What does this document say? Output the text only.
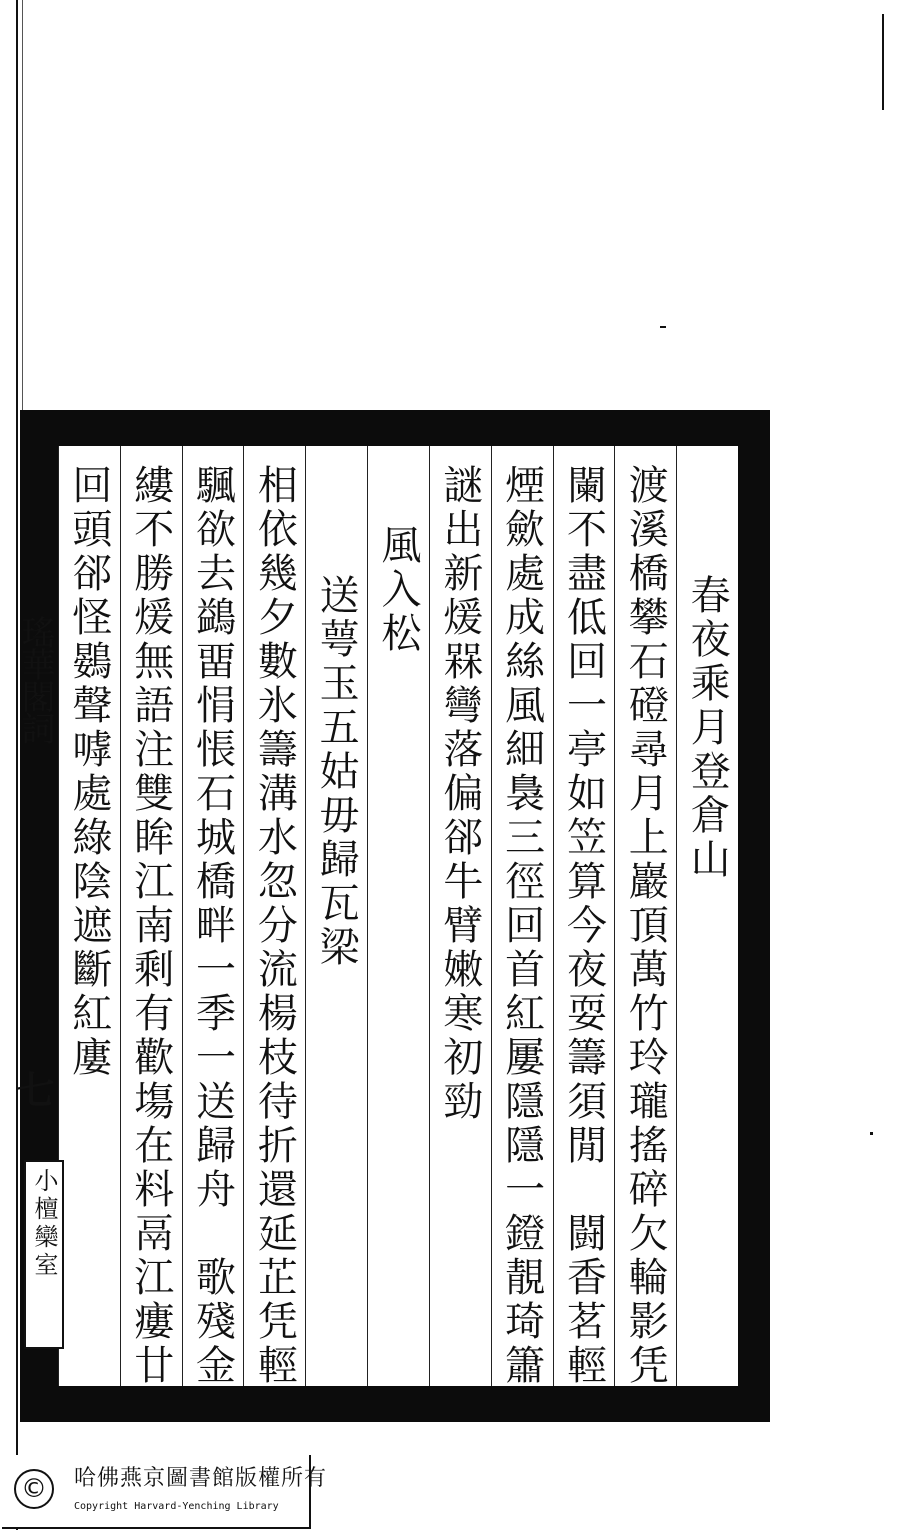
春夜乘月登倉山
渡溪橋攀石磴尋月上巖頂萬竹玲瓏搖碎欠輪影凭
闌不盡低回一亭如笠算今夜耍籌須閒　闘香茗輕
煙歛處成絲風細裊三徑回首紅屢隱隱一鐙靚琦簫
謎出新煖槑彎落偏郤牛臂嫩寒初勁
風入松
送萼玉五姑毋歸瓦梁
相依幾夕數氷籌溝水忽分流楊枝待折還延芷凭輕
颿欲去鷁畱悁悵石城橋畔一季一送歸舟　歌殘金
縷不勝煖無語注雙眸江南剩有歡塲在料鬲江瘻廿
回頭郤怪鷃聲嘑處綠陰遮斷紅廔
瑤華閣詞
七
小檀欒室
©	哈佛燕京圖書館版權所有
Copyright Harvard-Yenching Library
